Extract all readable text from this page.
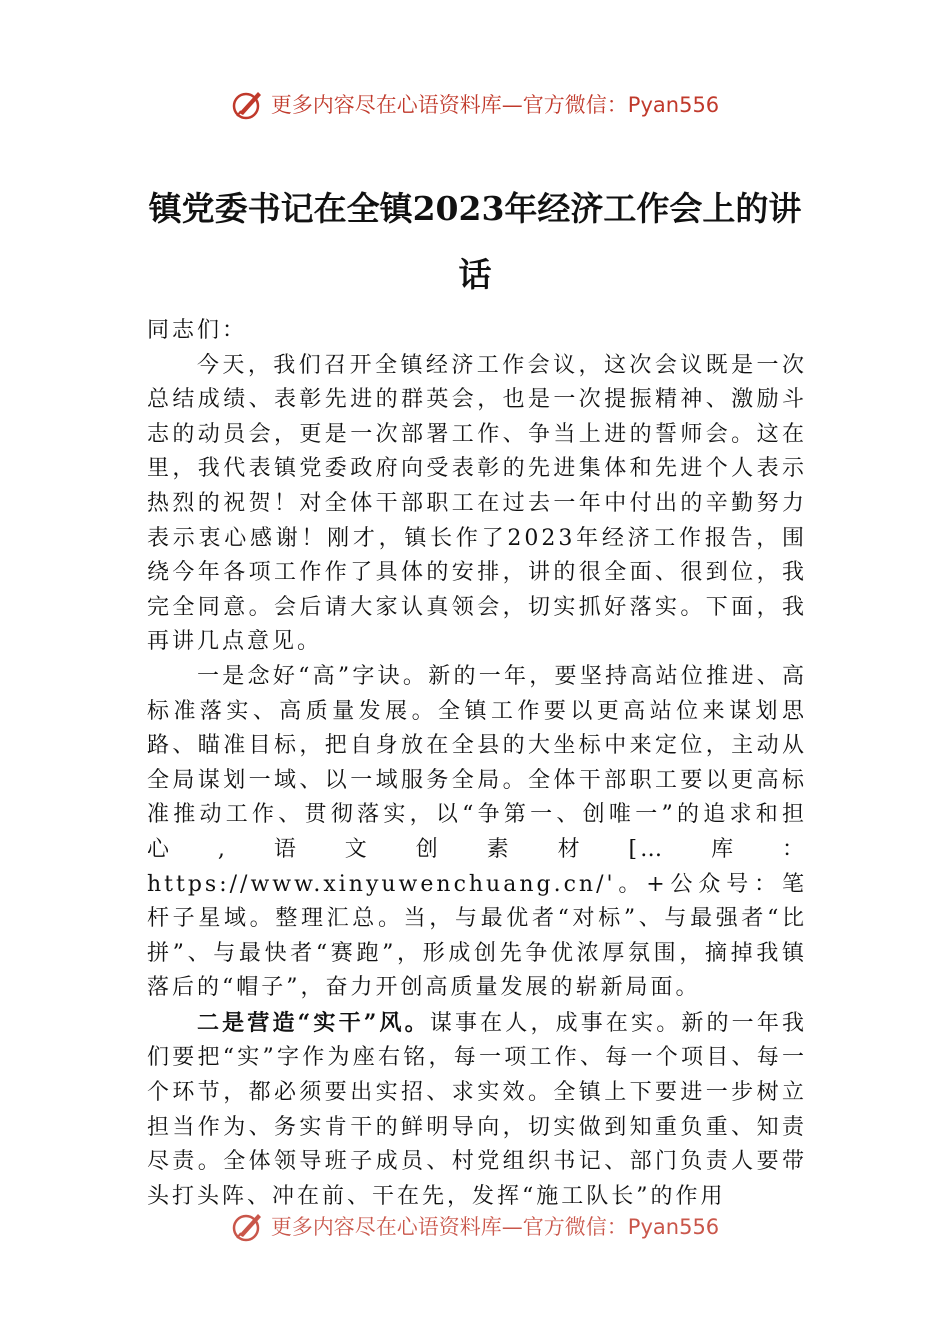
更多内容尽在心语资料库—官方微信：Pyan556
镇党委书记在全镇2023年经济工作会上的讲话

同志们：

今天，我们召开全镇经济工作会议，这次会议既是一次总结成绩、表彰先进的群英会，也是一次提振精神、激励斗志的动员会，更是一次部署工作、争当上进的誓师会。这在里，我代表镇党委政府向受表彰的先进集体和先进个人表示热烈的祝贺！对全体干部职工在过去一年中付出的辛勤努力表示衷心感谢！刚才，镇长作了2023年经济工作报告，围绕今年各项工作作了具体的安排，讲的很全面、很到位，我完全同意。会后请大家认真领会，切实抓好落实。下面，我再讲几点意见。

一是念好“高”字诀。新的一年，要坚持高站位推进、高标准落实、高质量发展。全镇工作要以更高站位来谋划思路、瞄准目标，把自身放在全县的大坐标中来定位，主动从全局谋划一域、以一域服务全局。全体干部职工要以更高标准推动工作、贯彻落实，以“争第一、创唯一”的追求和担心,语文创素材[…库：https://www.xinyuwenchuang.cn/'。+公众号：笔杆子星域。整理汇总。当，与最优者“对标”、与最强者“比拼”、与最快者“赛跑”，形成创先争优浓厚氛围，摘掉我镇落后的“帽子”，奋力开创高质量发展的崭新局面。

二是营造“实干”风。谋事在人，成事在实。新的一年我们要把“实”字作为座右铭，每一项工作、每一个项目、每一个环节，都必须要出实招、求实效。全镇上下要进一步树立担当作为、务实肯干的鲜明导向，切实做到知重负重、知责尽责。全体领导班子成员、村党组织书记、部门负责人要带头打头阵、冲在前、干在先，发挥“施工队长”的作用

更多内容尽在心语资料库—官方微信：Pyan556
